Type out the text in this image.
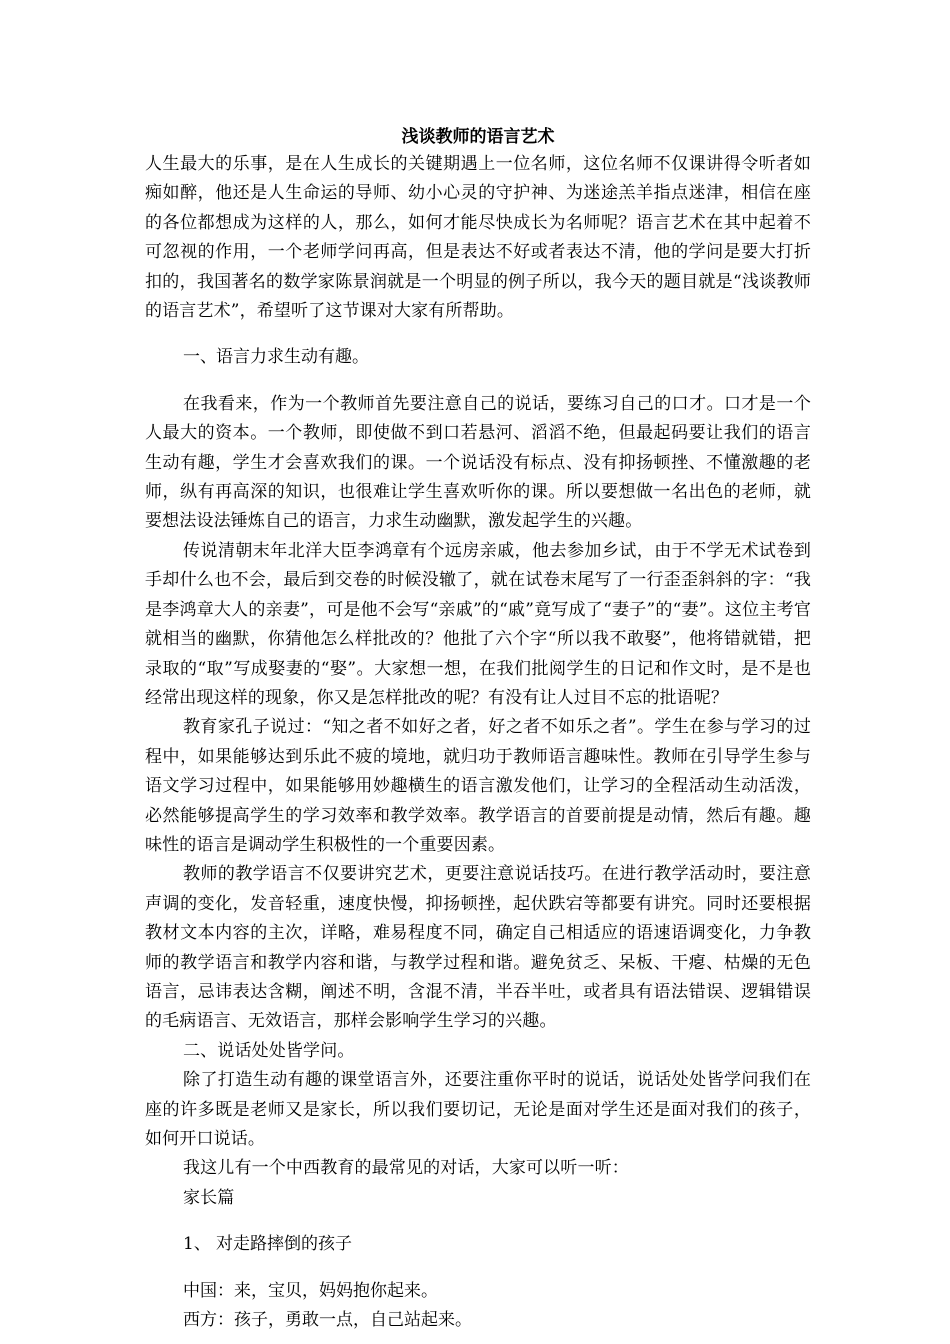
浅谈教师的语言艺术

人生最大的乐事，是在人生成长的关键期遇上一位名师，这位名师不仅课讲得令听者如痴如醉，他还是人生命运的导师、幼小心灵的守护神、为迷途羔羊指点迷津，相信在座的各位都想成为这样的人，那么，如何才能尽快成长为名师呢？语言艺术在其中起着不可忽视的作用，一个老师学问再高，但是表达不好或者表达不清，他的学问是要大打折扣的，我国著名的数学家陈景润就是一个明显的例子所以，我今天的题目就是“浅谈教师的语言艺术”，希望听了这节课对大家有所帮助。

一、语言力求生动有趣。

在我看来，作为一个教师首先要注意自己的说话，要练习自己的口才。口才是一个人最大的资本。一个教师，即使做不到口若悬河、滔滔不绝，但最起码要让我们的语言生动有趣，学生才会喜欢我们的课。一个说话没有标点、没有抑扬顿挫、不懂激趣的老师，纵有再高深的知识，也很难让学生喜欢听你的课。所以要想做一名出色的老师，就要想法设法锤炼自己的语言，力求生动幽默，激发起学生的兴趣。

传说清朝末年北洋大臣李鸿章有个远房亲戚，他去参加乡试，由于不学无术试卷到手却什么也不会，最后到交卷的时候没辙了，就在试卷末尾写了一行歪歪斜斜的字：“我是李鸿章大人的亲妻”，可是他不会写“亲戚”的“戚”竟写成了“妻子”的“妻”。这位主考官就相当的幽默，你猜他怎么样批改的？他批了六个字“所以我不敢娶”，他将错就错，把录取的“取”写成娶妻的“娶”。大家想一想，在我们批阅学生的日记和作文时，是不是也经常出现这样的现象，你又是怎样批改的呢？有没有让人过目不忘的批语呢？

教育家孔子说过：“知之者不如好之者，好之者不如乐之者”。学生在参与学习的过程中，如果能够达到乐此不疲的境地，就归功于教师语言趣味性。教师在引导学生参与语文学习过程中，如果能够用妙趣横生的语言激发他们，让学习的全程活动生动活泼，必然能够提高学生的学习效率和教学效率。教学语言的首要前提是动情，然后有趣。趣味性的语言是调动学生积极性的一个重要因素。

教师的教学语言不仅要讲究艺术，更要注意说话技巧。在进行教学活动时，要注意声调的变化，发音轻重，速度快慢，抑扬顿挫，起伏跌宕等都要有讲究。同时还要根据教材文本内容的主次，详略，难易程度不同，确定自己相适应的语速语调变化，力争教师的教学语言和教学内容和谐，与教学过程和谐。避免贫乏、呆板、干瘪、枯燥的无色语言，忌讳表达含糊，阐述不明，含混不清，半吞半吐，或者具有语法错误、逻辑错误的毛病语言、无效语言，那样会影响学生学习的兴趣。

二、说话处处皆学问。

除了打造生动有趣的课堂语言外，还要注重你平时的说话，说话处处皆学问我们在座的许多既是老师又是家长，所以我们要切记，无论是面对学生还是面对我们的孩子，如何开口说话。

我这儿有一个中西教育的最常见的对话，大家可以听一听：

家长篇

1、 对走路摔倒的孩子

中国：来，宝贝，妈妈抱你起来。

西方：孩子，勇敢一点，自己站起来。
